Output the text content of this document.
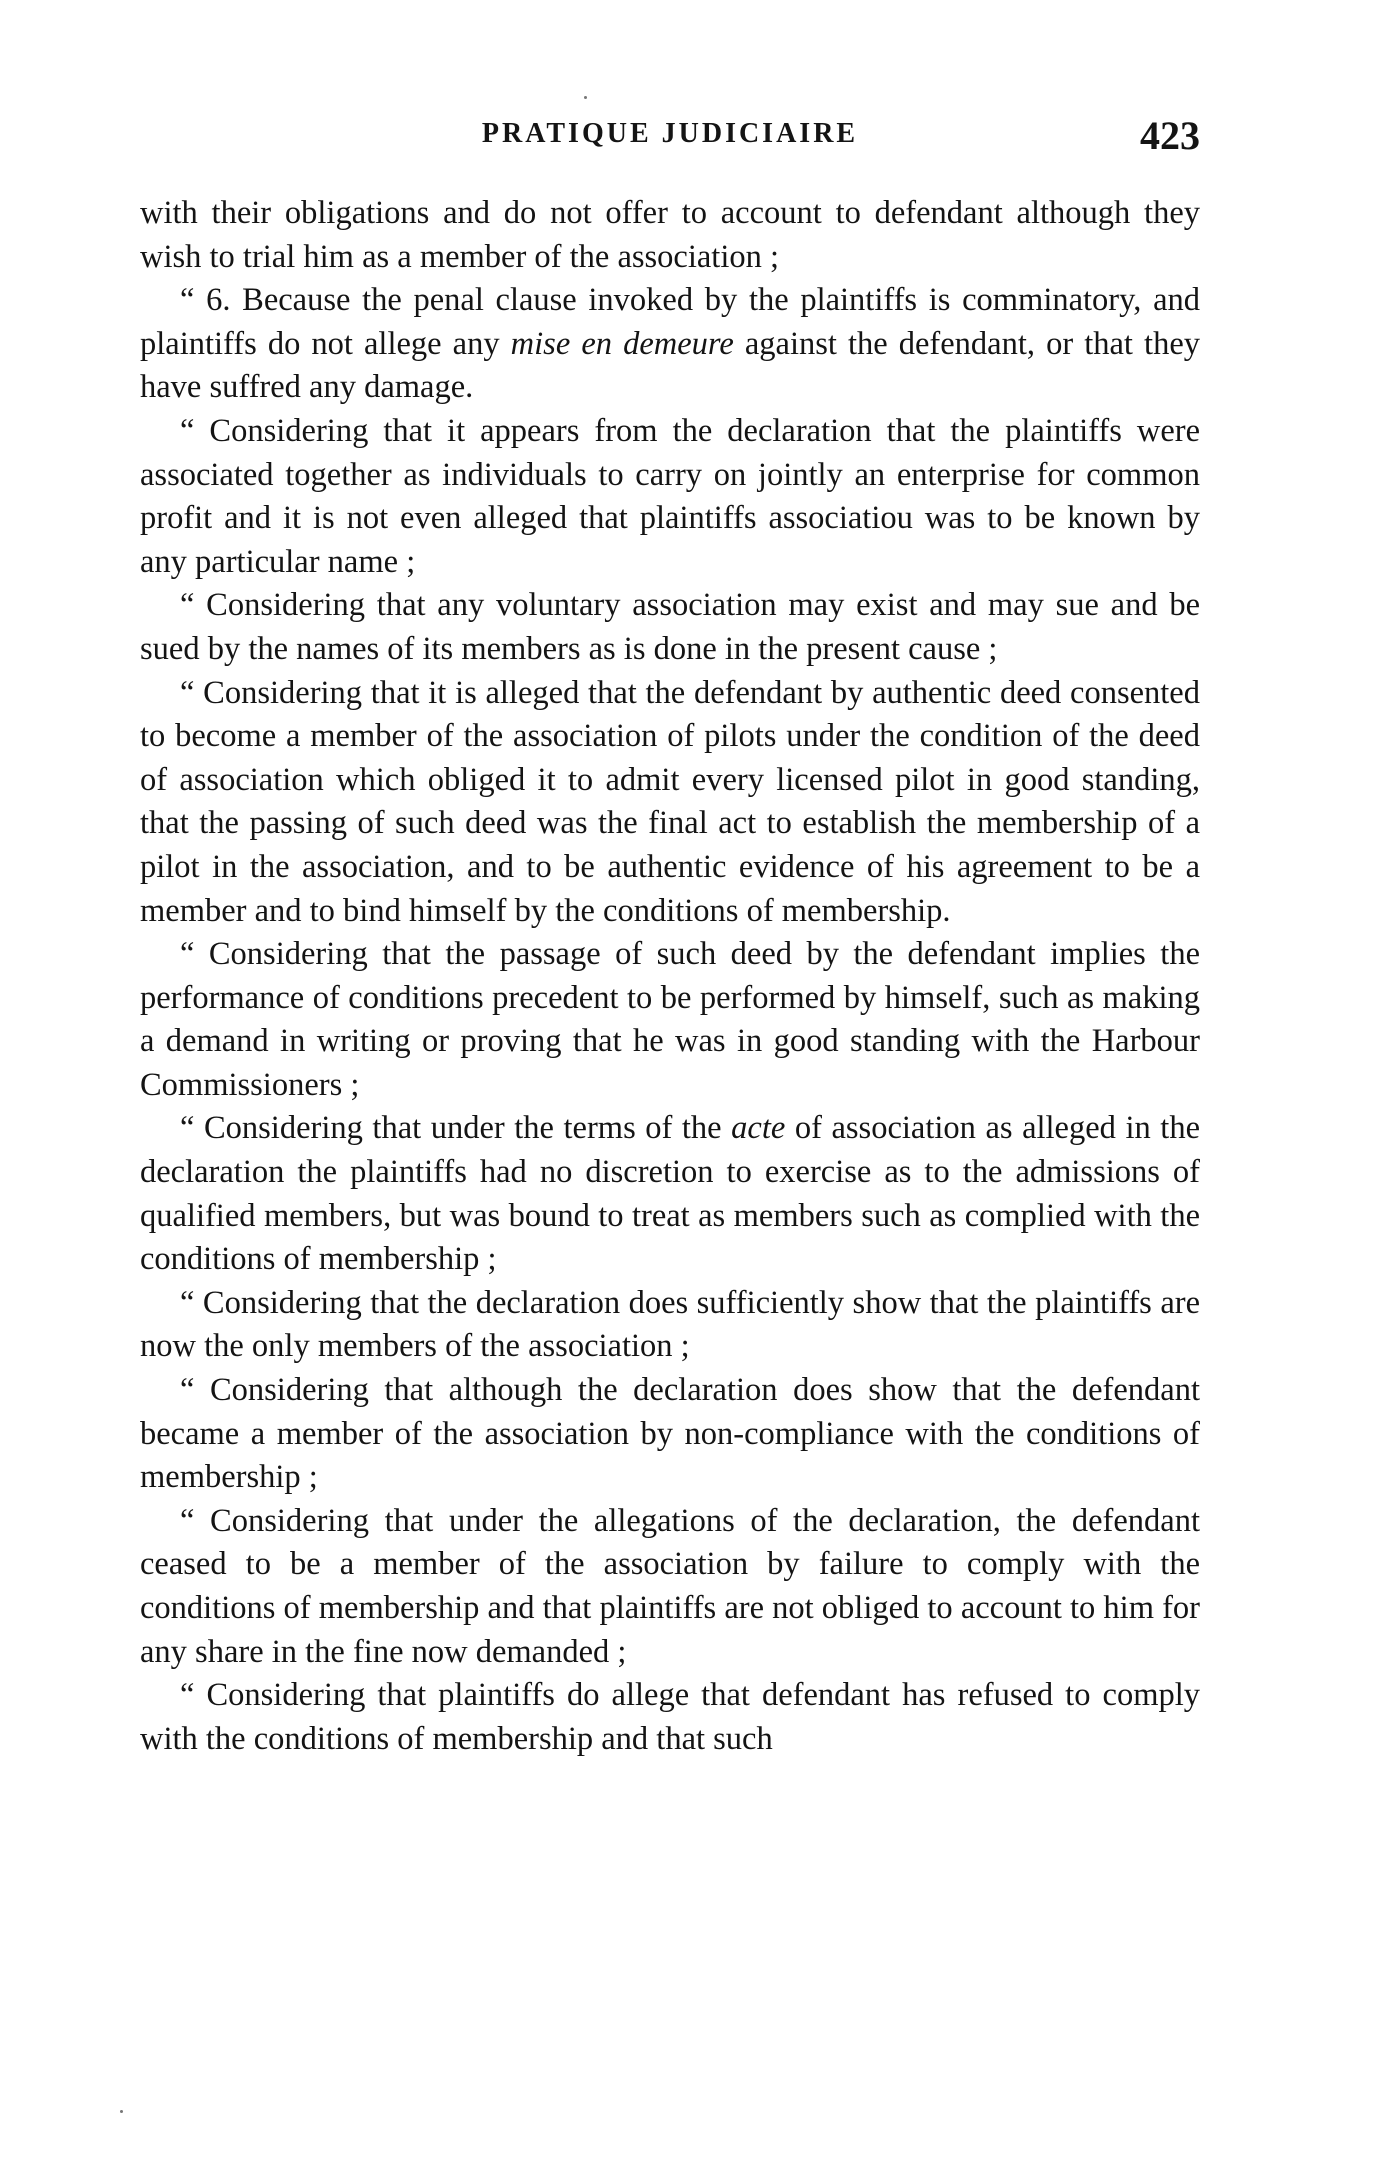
PRATIQUE JUDICIAIRE	423

with their obligations and do not offer to account to defendant although they wish to trial him as a member of the association ;

“ 6. Because the penal clause invoked by the plaintiffs is comminatory, and plaintiffs do not allege any mise en demeure against the defendant, or that they have suffred any damage.

“ Considering that it appears from the declaration that the plaintiffs were associated together as individuals to carry on jointly an enterprise for common profit and it is not even alleged that plaintiffs associatiou was to be known by any particular name ;

“ Considering that any voluntary association may exist and may sue and be sued by the names of its members as is done in the present cause ;

“ Considering that it is alleged that the defendant by authentic deed consented to become a member of the association of pilots under the condition of the deed of association which obliged it to admit every licensed pilot in good standing, that the passing of such deed was the final act to establish the membership of a pilot in the association, and to be authentic evidence of his agreement to be a member and to bind himself by the conditions of membership.

“ Considering that the passage of such deed by the defendant implies the performance of conditions precedent to be performed by himself, such as making a demand in writing or proving that he was in good standing with the Harbour Commissioners ;

“ Considering that under the terms of the acte of association as alleged in the declaration the plaintiffs had no discretion to exercise as to the admissions of qualified members, but was bound to treat as members such as complied with the conditions of membership ;

“ Considering that the declaration does sufficiently show that the plaintiffs are now the only members of the association ;

“ Considering that although the declaration does show that the defendant became a member of the association by non-compliance with the conditions of membership ;

“ Considering that under the allegations of the declaration, the defendant ceased to be a member of the association by failure to comply with the conditions of membership and that plaintiffs are not obliged to account to him for any share in the fine now demanded ;

“ Considering that plaintiffs do allege that defendant has refused to comply with the conditions of membership and that such
